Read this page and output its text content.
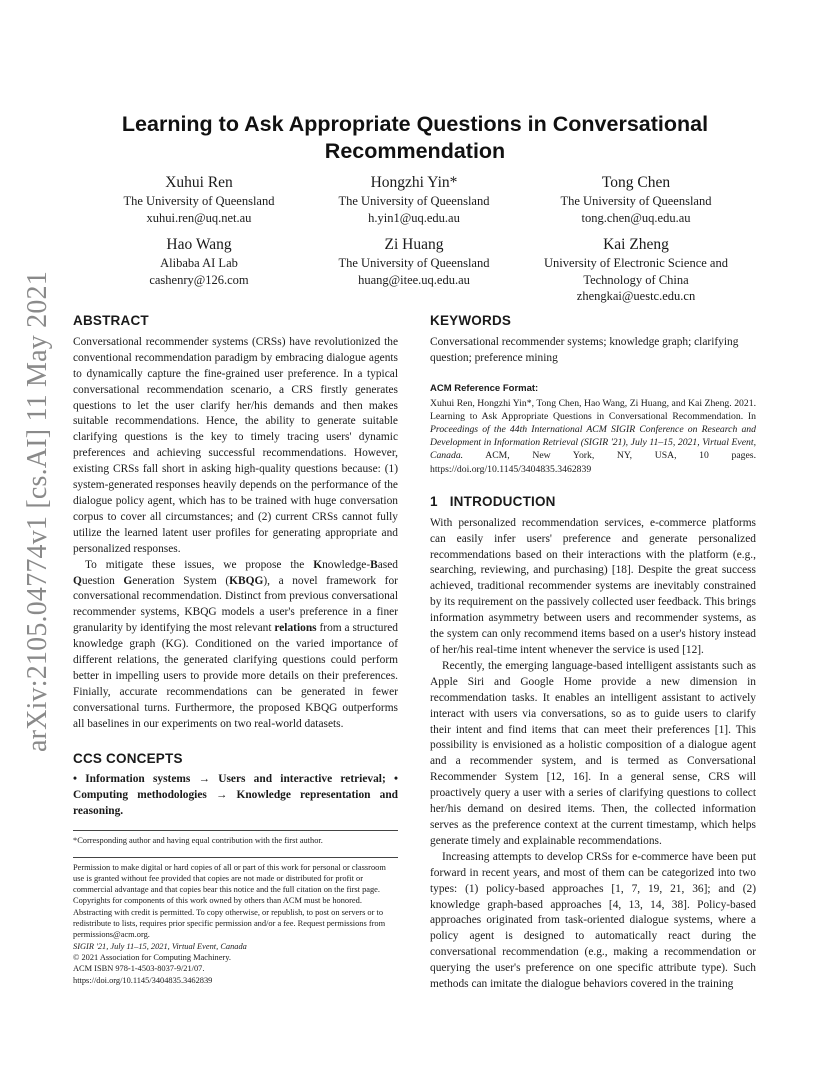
arXiv:2105.04774v1 [cs.AI] 11 May 2021
Learning to Ask Appropriate Questions in Conversational
Recommendation
Xuhui Ren
The University of Queensland
xuhui.ren@uq.net.au
Hongzhi Yin*
The University of Queensland
h.yin1@uq.edu.au
Tong Chen
The University of Queensland
tong.chen@uq.edu.au
Hao Wang
Alibaba AI Lab
cashenry@126.com
Zi Huang
The University of Queensland
huang@itee.uq.edu.au
Kai Zheng
University of Electronic Science and Technology of China
zhengkai@uestc.edu.cn
ABSTRACT

Conversational recommender systems (CRSs) have revolutionized the conventional recommendation paradigm by embracing dialogue agents to dynamically capture the fine-grained user preference. In a typical conversational recommendation scenario, a CRS firstly generates questions to let the user clarify her/his demands and then makes suitable recommendations. Hence, the ability to generate suitable clarifying questions is the key to timely tracing users' dynamic preferences and achieving successful recommendations. However, existing CRSs fall short in asking high-quality questions because: (1) system-generated responses heavily depends on the performance of the dialogue policy agent, which has to be trained with huge conversation corpus to cover all circumstances; and (2) current CRSs cannot fully utilize the learned latent user profiles for generating appropriate and personalized responses.

To mitigate these issues, we propose the Knowledge-Based Question Generation System (KBQG), a novel framework for conversational recommendation. Distinct from previous conversational recommender systems, KBQG models a user's preference in a finer granularity by identifying the most relevant relations from a structured knowledge graph (KG). Conditioned on the varied importance of different relations, the generated clarifying questions could perform better in impelling users to provide more details on their preferences. Finially, accurate recommendations can be generated in fewer conversational turns. Furthermore, the proposed KBQG outperforms all baselines in our experiments on two real-world datasets.

CCS CONCEPTS

• Information systems → Users and interactive retrieval; • Computing methodologies → Knowledge representation and reasoning.

*Corresponding author and having equal contribution with the first author.

Permission to make digital or hard copies of all or part of this work for personal or classroom use is granted without fee provided that copies are not made or distributed for profit or commercial advantage and that copies bear this notice and the full citation on the first page. Copyrights for components of this work owned by others than ACM must be honored. Abstracting with credit is permitted. To copy otherwise, or republish, to post on servers or to redistribute to lists, requires prior specific permission and/or a fee. Request permissions from permissions@acm.org.

SIGIR '21, July 11–15, 2021, Virtual Event, Canada

© 2021 Association for Computing Machinery.

ACM ISBN 978-1-4503-8037-9/21/07.

https://doi.org/10.1145/3404835.3462839

KEYWORDS

Conversational recommender systems; knowledge graph; clarifying question; preference mining

ACM Reference Format:

Xuhui Ren, Hongzhi Yin*, Tong Chen, Hao Wang, Zi Huang, and Kai Zheng. 2021. Learning to Ask Appropriate Questions in Conversational Recommendation. In Proceedings of the 44th International ACM SIGIR Conference on Research and Development in Information Retrieval (SIGIR '21), July 11–15, 2021, Virtual Event, Canada. ACM, New York, NY, USA, 10 pages. https://doi.org/10.1145/3404835.3462839

1 INTRODUCTION

With personalized recommendation services, e-commerce platforms can easily infer users' preference and generate personalized recommendations based on their interactions with the platform (e.g., searching, reviewing, and purchasing) [18]. Despite the great success achieved, traditional recommender systems are inevitably constrained by its requirement on the passively collected user feedback. This brings information asymmetry between users and recommender systems, as the system can only recommend items based on a user's history instead of her/his real-time intent whenever the service is used [12].

Recently, the emerging language-based intelligent assistants such as Apple Siri and Google Home provide a new dimension in recommendation tasks. It enables an intelligent assistant to actively interact with users via conversations, so as to guide users to clarify their intent and find items that can meet their preferences [1]. This possibility is envisioned as a holistic composition of a dialogue agent and a recommender system, and is termed as Conversational Recommender System [12, 16]. In a general sense, CRS will proactively query a user with a series of clarifying questions to collect her/his demand on desired items. Then, the collected information serves as the preference context at the current timestamp, which helps generate timely and explainable recommendations.

Increasing attempts to develop CRSs for e-commerce have been put forward in recent years, and most of them can be categorized into two types: (1) policy-based approaches [1, 7, 19, 21, 36]; and (2) knowledge graph-based approaches [4, 13, 14, 38]. Policy-based approaches originated from task-oriented dialogue systems, where a policy agent is designed to automatically react during the conversational recommendation (e.g., making a recommendation or querying the user's preference on one specific attribute type). Such methods can imitate the dialogue behaviors covered in the training
